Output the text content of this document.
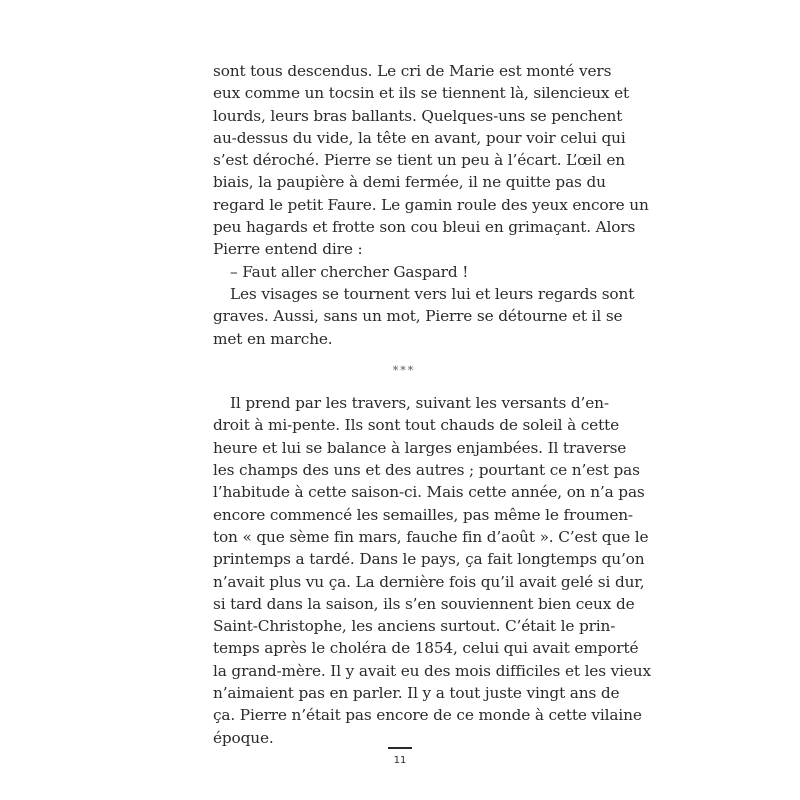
sont tous descendus. Le cri de Marie est monté vers
eux comme un tocsin et ils se tiennent là, silencieux et
lourds, leurs bras ballants. Quelques-uns se penchent
au-dessus du vide, la tête en avant, pour voir celui qui
s’est déroché. Pierre se tient un peu à l’écart. L’œil en
biais, la paupière à demi fermée, il ne quitte pas du
regard le petit Faure. Le gamin roule des yeux encore un
peu hagards et frotte son cou bleui en grimaçant. Alors
Pierre entend dire :
– Faut aller chercher Gaspard !
Les visages se tournent vers lui et leurs regards sont
graves. Aussi, sans un mot, Pierre se détourne et il se
met en marche.
***
Il prend par les travers, suivant les versants d’en-
droit à mi-pente. Ils sont tout chauds de soleil à cette
heure et lui se balance à larges enjambées. Il traverse
les champs des uns et des autres ; pourtant ce n’est pas
l’habitude à cette saison-ci. Mais cette année, on n’a pas
encore commencé les semailles, pas même le froumen-
ton « que sème fin mars, fauche fin d’août ». C’est que le
printemps a tardé. Dans le pays, ça fait longtemps qu’on
n’avait plus vu ça. La dernière fois qu’il avait gelé si dur,
si tard dans la saison, ils s’en souviennent bien ceux de
Saint-Christophe, les anciens surtout. C’était le prin-
temps après le choléra de 1854, celui qui avait emporté
la grand-mère. Il y avait eu des mois difficiles et les vieux
n’aimaient pas en parler. Il y a tout juste vingt ans de
ça. Pierre n’était pas encore de ce monde à cette vilaine
époque.
11
